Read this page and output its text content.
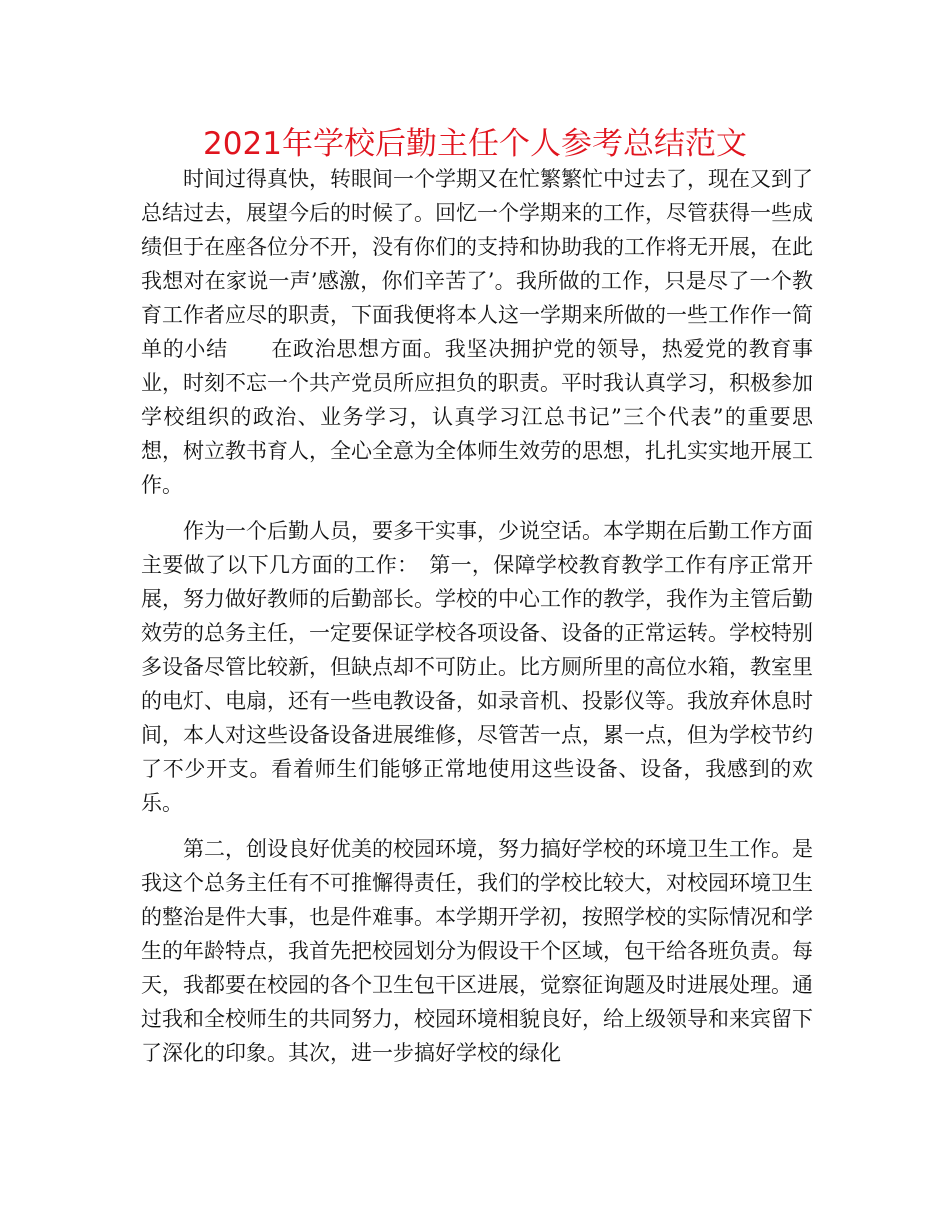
2021年学校后勤主任个人参考总结范文

时间过得真快，转眼间一个学期又在忙繁繁忙中过去了，现在又到了总结过去，展望今后的时候了。回忆一个学期来的工作，尽管获得一些成绩但于在座各位分不开，没有你们的支持和协助我的工作将无开展，在此我想对在家说一声’感激，你们辛苦了’。我所做的工作，只是尽了一个教育工作者应尽的职责，下面我便将本人这一学期来所做的一些工作作一简单的小结　　在政治思想方面。我坚决拥护党的领导，热爱党的教育事业，时刻不忘一个共产党员所应担负的职责。平时我认真学习，积极参加学校组织的政治、业务学习，认真学习江总书记”三个代表”的重要思想，树立教书育人，全心全意为全体师生效劳的思想，扎扎实实地开展工作。

作为一个后勤人员，要多干实事，少说空话。本学期在后勤工作方面主要做了以下几方面的工作：　第一，保障学校教育教学工作有序正常开展，努力做好教师的后勤部长。学校的中心工作的教学，我作为主管后勤效劳的总务主任，一定要保证学校各项设备、设备的正常运转。学校特别多设备尽管比较新，但缺点却不可防止。比方厕所里的高位水箱，教室里的电灯、电扇，还有一些电教设备，如录音机、投影仪等。我放弃休息时间，本人对这些设备设备进展维修，尽管苦一点，累一点，但为学校节约了不少开支。看着师生们能够正常地使用这些设备、设备，我感到的欢乐。

第二，创设良好优美的校园环境，努力搞好学校的环境卫生工作。是我这个总务主任有不可推懈得责任，我们的学校比较大，对校园环境卫生的整治是件大事，也是件难事。本学期开学初，按照学校的实际情况和学生的年龄特点，我首先把校园划分为假设干个区域，包干给各班负责。每天，我都要在校园的各个卫生包干区进展，觉察征询题及时进展处理。通过我和全校师生的共同努力，校园环境相貌良好，给上级领导和来宾留下了深化的印象。其次，进一步搞好学校的绿化
